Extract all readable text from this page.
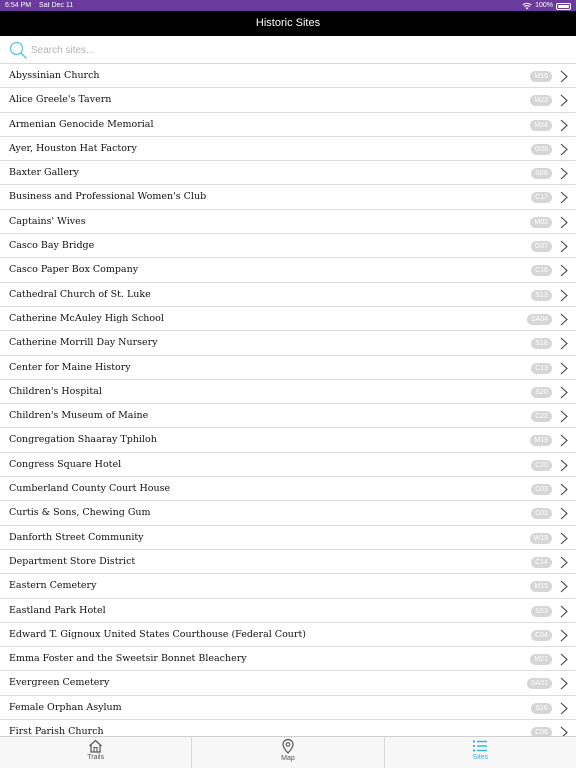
6:54 PM Sat Dec 11	100%
Historic Sites
Search sites...
Abyssinian Church	M16
Alice Greele's Tavern	M23
Armenian Genocide Memorial	M24
Ayer, Houston Hat Factory	G06
Baxter Gallery	S06
Business and Professional Women's Club	C17
Captains' Wives	M02
Casco Bay Bridge	G07
Casco Paper Box Company	C16
Cathedral Church of St. Luke	S13
Catherine McAuley High School	SA04
Catherine Morrill Day Nursery	S18
Center for Maine History	C13
Children's Hospital	S20
Children's Museum of Maine	C22
Congregation Shaaray Tphiloh	M19
Congress Square Hotel	C20
Cumberland County Court House	C03
Curtis & Sons, Chewing Gum	C01
Danforth Street Community	W19
Department Store District	C14
Eastern Cemetery	M15
Eastland Park Hotel	S03
Edward T. Gignoux United States Courthouse (Federal Court)	C04
Emma Foster and the Sweetsir Bonnet Bleachery	M21
Evergreen Cemetery	SA01
Female Orphan Asylum	S16
First Parish Church	C06
Trails	Map	Sites
